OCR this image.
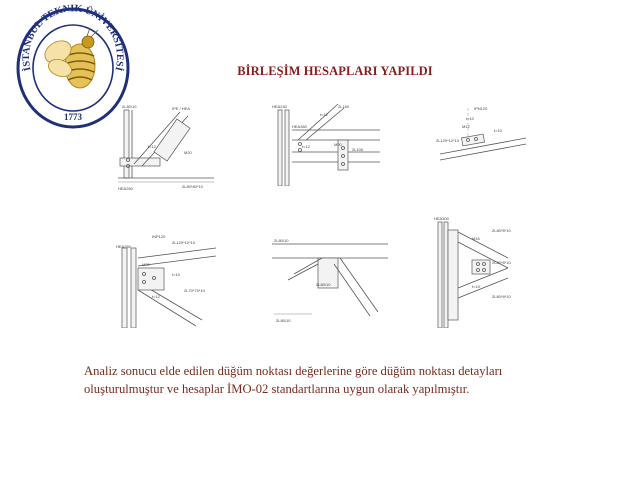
İSTANBUL TEKNİK ÜNİVERSİTESİ
1773
BİRLEŞİM HESAPLARI YAPILDI
2L80/10	IPE / HEA
t=12
M20
HEA260	2L80*80*10
HEA240	2L160
t=12
HEA360
M20
t=12
2L100
IPN120
t=10
M12
2L120*12*10
t=10
INP120
2L120*12*10
HEA260
M20
t=10
t=12
2L70*70*10
2L80/10
2L80/10
2L80/10
HEA300
2L80*8*10
M16
2L80*8*10
t=10
2L80*8*10
Analiz sonucu elde edilen düğüm noktası değerlerine göre düğüm noktası detayları
oluşturulmuştur ve hesaplar İMO-02 standartlarına uygun olarak yapılmıştır.
